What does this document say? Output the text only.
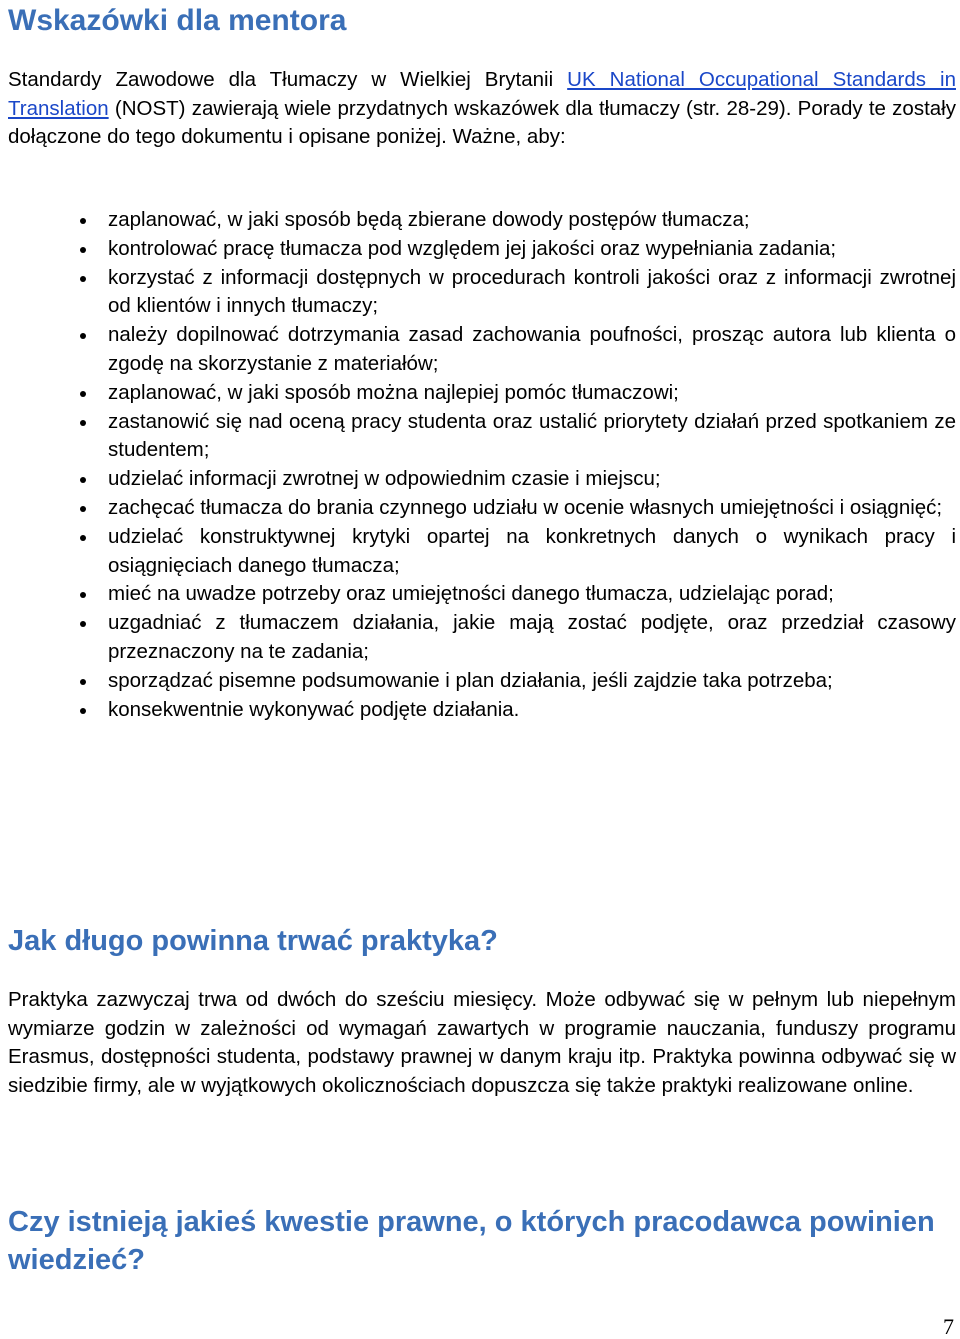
Wskazówki dla mentora

Standardy Zawodowe dla Tłumaczy w Wielkiej Brytanii UK National Occupational Standards in Translation (NOST) zawierają wiele przydatnych wskazówek dla tłumaczy (str. 28-29). Porady te zostały dołączone do tego dokumentu i opisane poniżej. Ważne, aby:

zaplanować, w jaki sposób będą zbierane dowody postępów tłumacza;
kontrolować pracę tłumacza pod względem jej jakości oraz wypełniania zadania;
korzystać z informacji dostępnych w procedurach kontroli jakości oraz z informacji zwrotnej od klientów i innych tłumaczy;
należy dopilnować dotrzymania zasad zachowania poufności, prosząc autora lub klienta o zgodę na skorzystanie z materiałów;
zaplanować, w jaki sposób można najlepiej pomóc tłumaczowi;
zastanowić się nad oceną pracy studenta oraz ustalić priorytety działań przed spotkaniem ze studentem;
udzielać informacji zwrotnej w odpowiednim czasie i miejscu;
zachęcać tłumacza do brania czynnego udziału w ocenie własnych umiejętności i osiągnięć;
udzielać konstruktywnej krytyki opartej na konkretnych danych o wynikach pracy i osiągnięciach danego tłumacza;
mieć na uwadze potrzeby oraz umiejętności danego tłumacza, udzielając porad;
uzgadniać z tłumaczem działania, jakie mają zostać podjęte, oraz przedział czasowy przeznaczony na te zadania;
sporządzać pisemne podsumowanie i plan działania, jeśli zajdzie taka potrzeba;
konsekwentnie wykonywać podjęte działania.
Jak długo powinna trwać praktyka?

Praktyka zazwyczaj trwa od dwóch do sześciu miesięcy. Może odbywać się w pełnym lub niepełnym wymiarze godzin w zależności od wymagań zawartych w programie nauczania, funduszy programu Erasmus, dostępności studenta, podstawy prawnej w danym kraju itp. Praktyka powinna odbywać się w siedzibie firmy, ale w wyjątkowych okolicznościach dopuszcza się także praktyki realizowane online.

Czy istnieją jakieś kwestie prawne, o których pracodawca powinien wiedzieć?
7
